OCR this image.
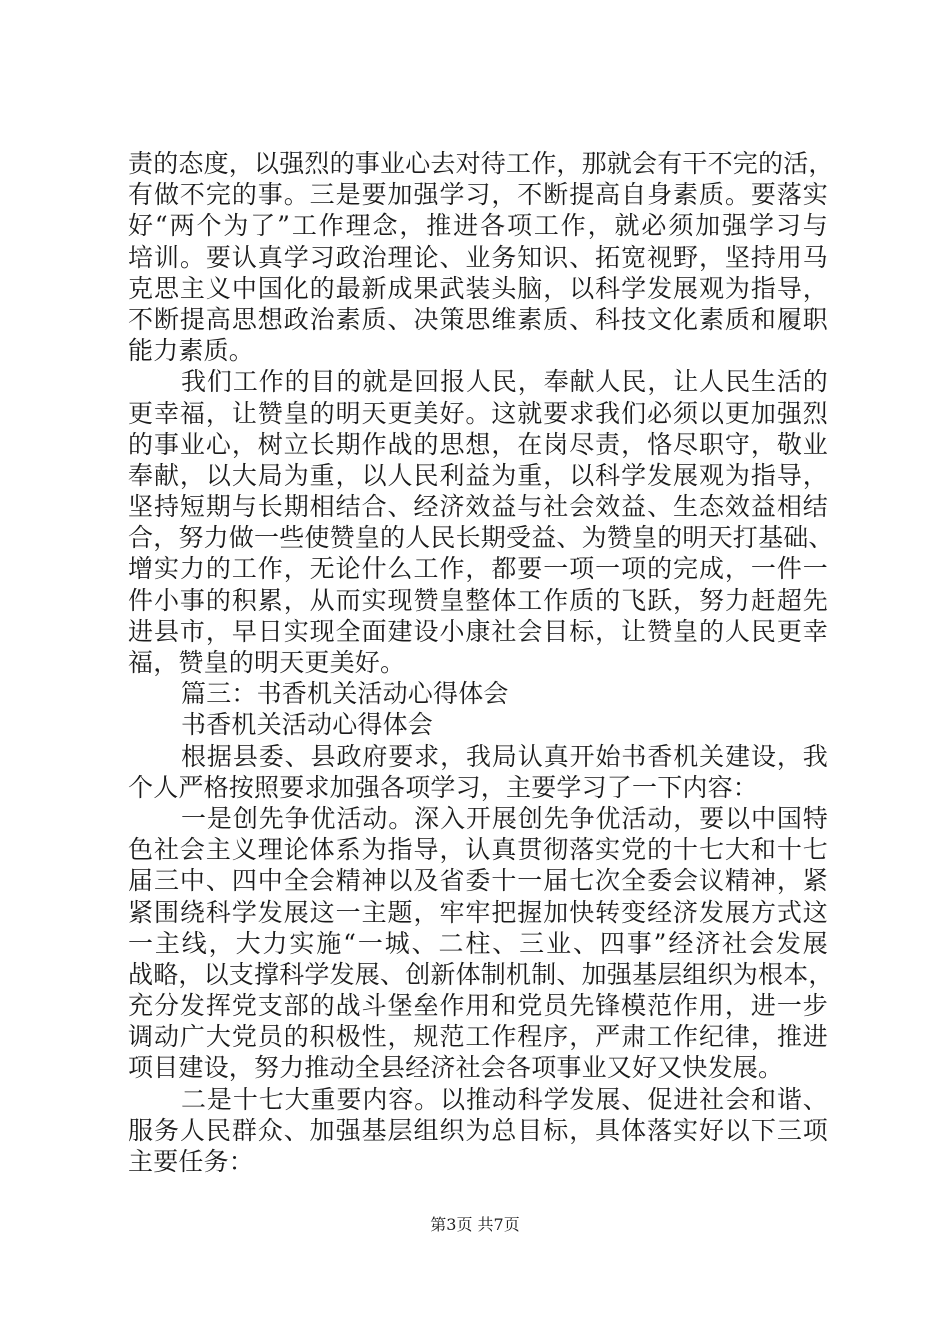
责的态度，以强烈的事业心去对待工作，那就会有干不完的活，
有做不完的事。三是要加强学习，不断提高自身素质。要落实
好“两个为了”工作理念，推进各项工作，就必须加强学习与
培训。要认真学习政治理论、业务知识、拓宽视野，坚持用马
克思主义中国化的最新成果武装头脑，以科学发展观为指导，
不断提高思想政治素质、决策思维素质、科技文化素质和履职
能力素质。
我们工作的目的就是回报人民，奉献人民，让人民生活的
更幸福，让赞皇的明天更美好。这就要求我们必须以更加强烈
的事业心，树立长期作战的思想，在岗尽责，恪尽职守，敬业
奉献，以大局为重，以人民利益为重，以科学发展观为指导，
坚持短期与长期相结合、经济效益与社会效益、生态效益相结
合，努力做一些使赞皇的人民长期受益、为赞皇的明天打基础、
增实力的工作，无论什么工作，都要一项一项的完成，一件一
件小事的积累，从而实现赞皇整体工作质的飞跃，努力赶超先
进县市，早日实现全面建设小康社会目标，让赞皇的人民更幸
福，赞皇的明天更美好。
篇三：书香机关活动心得体会
书香机关活动心得体会
根据县委、县政府要求，我局认真开始书香机关建设，我
个人严格按照要求加强各项学习，主要学习了一下内容：
一是创先争优活动。深入开展创先争优活动，要以中国特
色社会主义理论体系为指导，认真贯彻落实党的十七大和十七
届三中、四中全会精神以及省委十一届七次全委会议精神，紧
紧围绕科学发展这一主题，牢牢把握加快转变经济发展方式这
一主线，大力实施“一城、二柱、三业、四事”经济社会发展
战略，以支撑科学发展、创新体制机制、加强基层组织为根本，
充分发挥党支部的战斗堡垒作用和党员先锋模范作用，进一步
调动广大党员的积极性，规范工作程序，严肃工作纪律，推进
项目建设，努力推动全县经济社会各项事业又好又快发展。
二是十七大重要内容。以推动科学发展、促进社会和谐、
服务人民群众、加强基层组织为总目标，具体落实好以下三项
主要任务：
第3页 共7页
